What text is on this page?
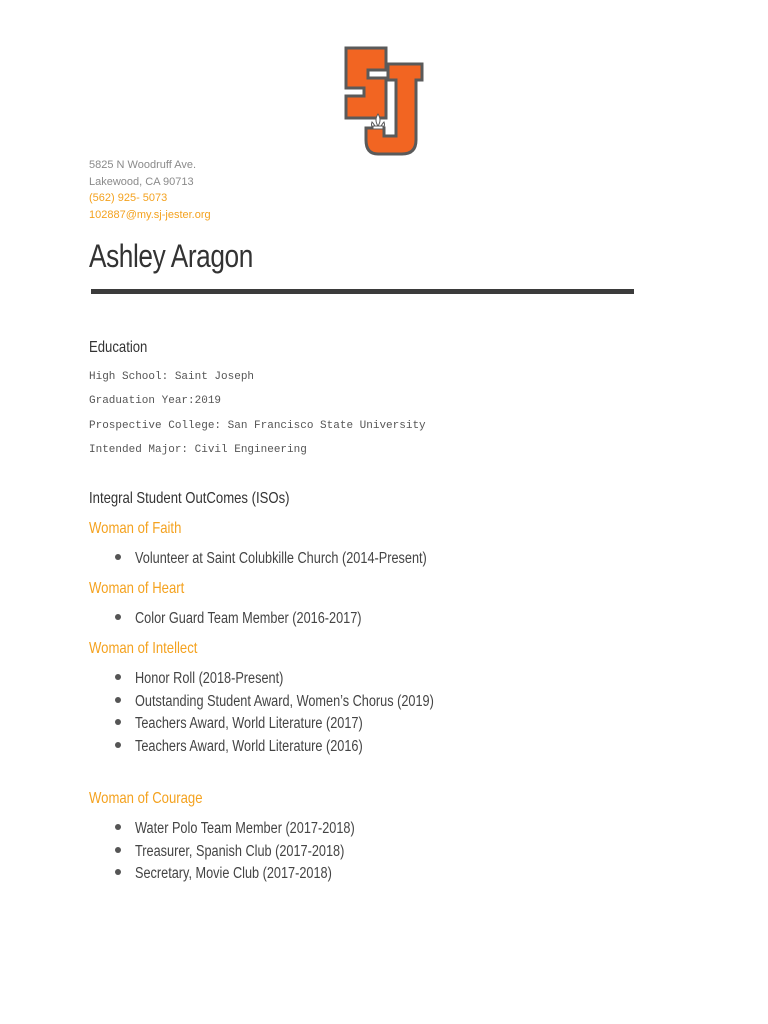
5825 N Woodruff Ave.
Lakewood, CA 90713
(562) 925- 5073
102887@my.sj-jester.org
Ashley Aragon
Education
High School: Saint Joseph
Graduation Year:2019
Prospective College: San Francisco State University
Intended Major: Civil Engineering
Integral Student OutComes (ISOs)
Woman of Faith
Volunteer at Saint Colubkille Church (2014-Present)
Woman of Heart
Color Guard Team Member (2016-2017)
Woman of Intellect
Honor Roll (2018-Present)
Outstanding Student Award, Women’s Chorus (2019)
Teachers Award, World Literature (2017)
Teachers Award, World Literature (2016)
Woman of Courage
Water Polo Team Member (2017-2018)
Treasurer, Spanish Club (2017-2018)
Secretary, Movie Club (2017-2018)
